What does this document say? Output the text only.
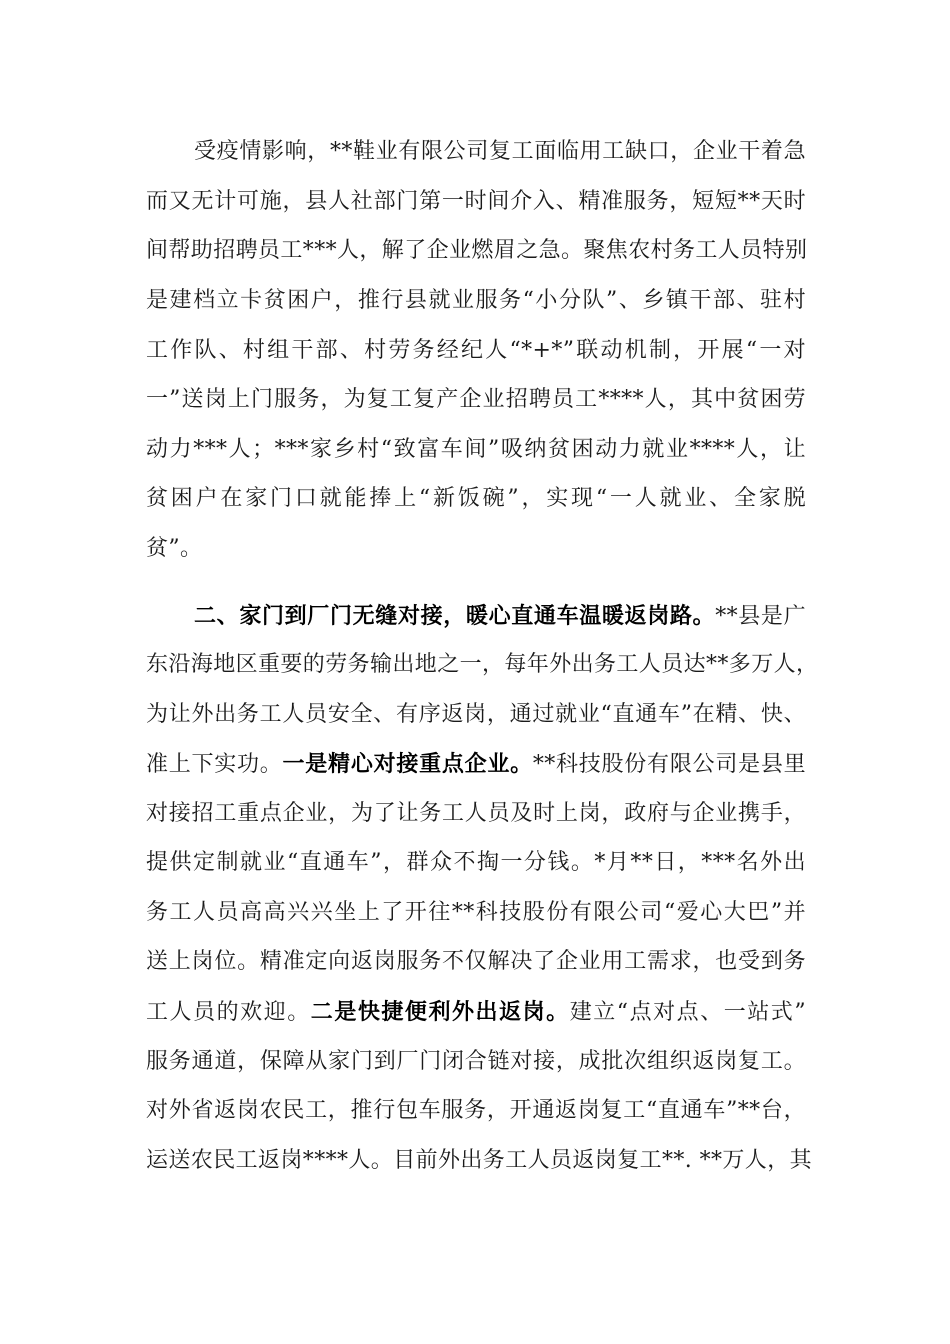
受疫情影响，**鞋业有限公司复工面临用工缺口，企业干着急
而又无计可施，县人社部门第一时间介入、精准服务，短短**天时
间帮助招聘员工***人，解了企业燃眉之急。聚焦农村务工人员特别
是建档立卡贫困户，推行县就业服务“小分队”、乡镇干部、驻村
工作队、村组干部、村劳务经纪人“*+*”联动机制，开展“一对
一”送岗上门服务，为复工复产企业招聘员工****人，其中贫困劳
动力***人；***家乡村“致富车间”吸纳贫困动力就业****人，让
贫困户在家门口就能捧上“新饭碗”，实现“一人就业、全家脱
贫”。
二、家门到厂门无缝对接，暖心直通车温暖返岗路。**县是广
东沿海地区重要的劳务输出地之一，每年外出务工人员达**多万人，
为让外出务工人员安全、有序返岗，通过就业“直通车”在精、快、
准上下实功。一是精心对接重点企业。**科技股份有限公司是县里
对接招工重点企业，为了让务工人员及时上岗，政府与企业携手，
提供定制就业“直通车”，群众不掏一分钱。*月**日，***名外出
务工人员高高兴兴坐上了开往**科技股份有限公司“爱心大巴”并
送上岗位。精准定向返岗服务不仅解决了企业用工需求，也受到务
工人员的欢迎。二是快捷便利外出返岗。建立“点对点、一站式”
服务通道，保障从家门到厂门闭合链对接，成批次组织返岗复工。
对外省返岗农民工，推行包车服务，开通返岗复工“直通车”**台，
运送农民工返岗****人。目前外出务工人员返岗复工**. **万人，其
